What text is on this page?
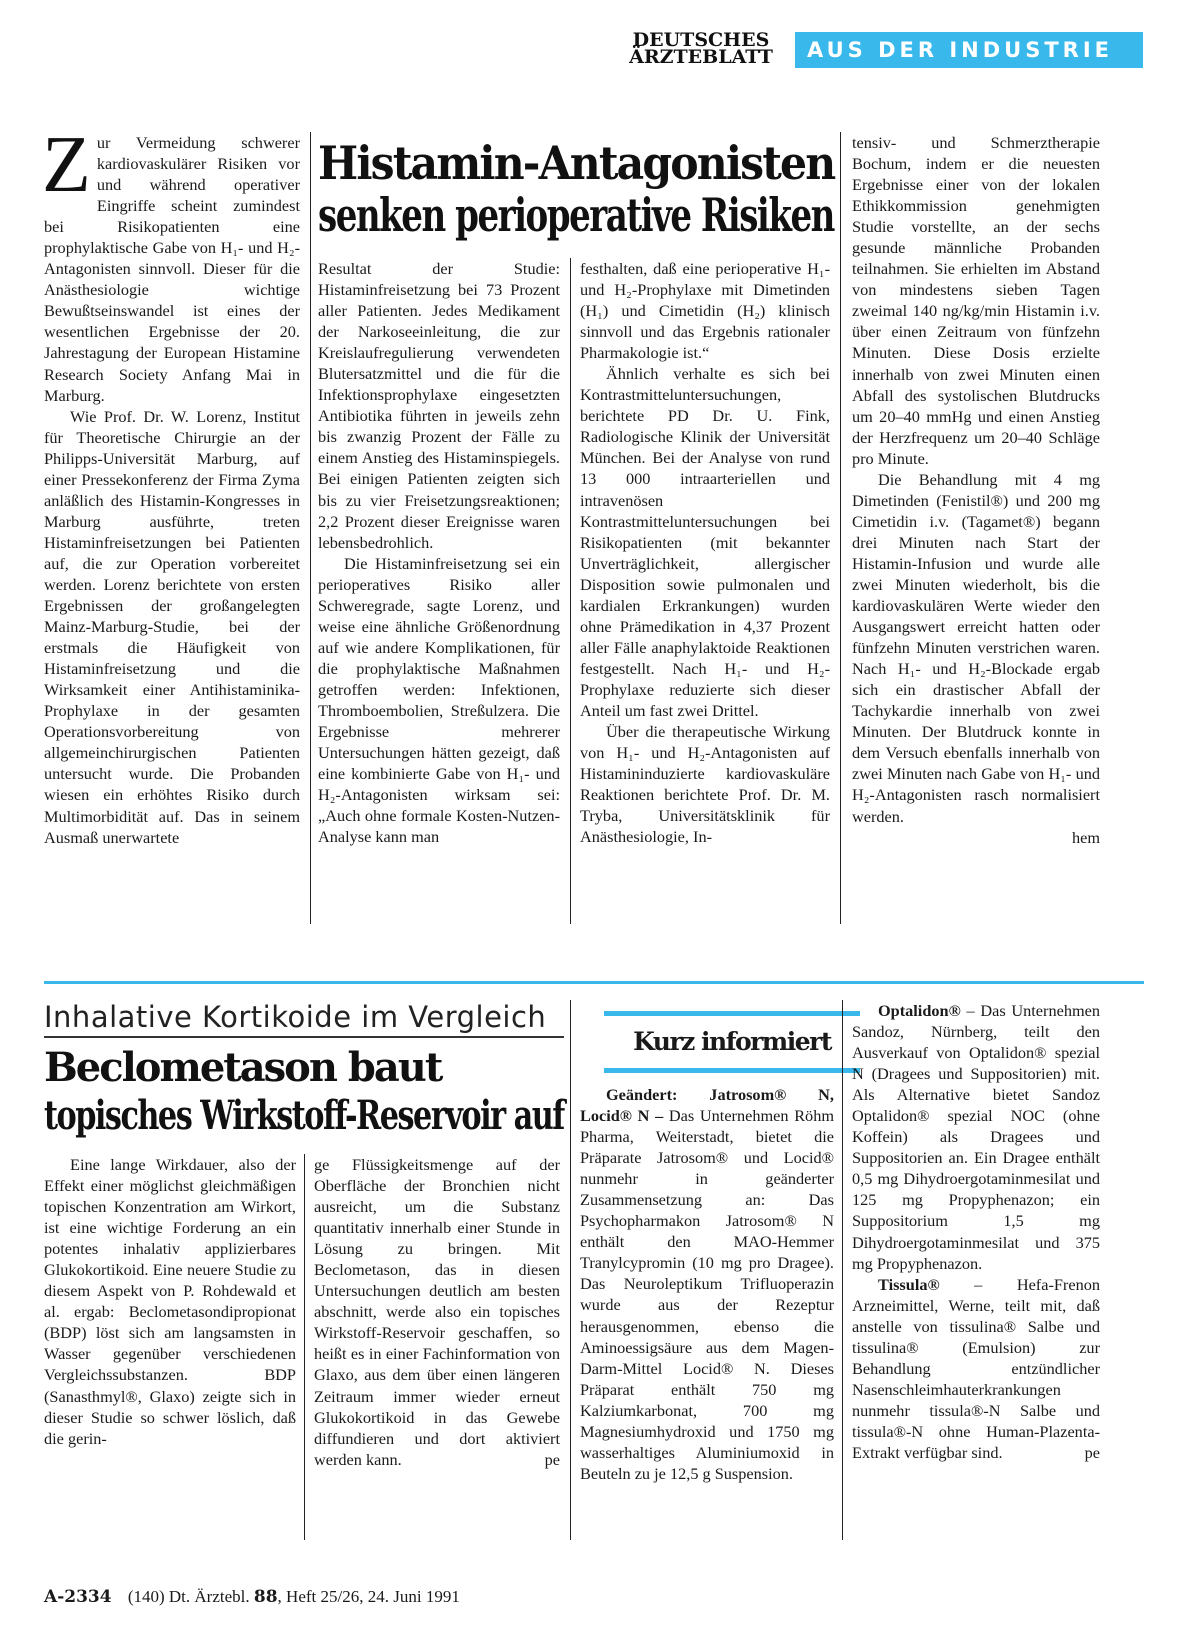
DEUTSCHES
ÄRZTEBLATT	AUS DER INDUSTRIE
Z ur Vermeidung schwerer kardiovaskulärer Risiken vor und während operativer Eingriffe scheint zumindest bei Risikopatienten eine prophylaktische Gabe von H₁- und H₂-Antagonisten sinnvoll. Dieser für die Anästhesiologie wichtige Bewußtseinswandel ist eines der wesentlichen Ergebnisse der 20. Jahrestagung der European Histamine Research Society Anfang Mai in Marburg.

Wie Prof. Dr. W. Lorenz, Institut für Theoretische Chirurgie an der Philipps-Universität Marburg, auf einer Pressekonferenz der Firma Zyma anläßlich des Histamin-Kongresses in Marburg ausführte, treten Histaminfreisetzungen bei Patienten auf, die zur Operation vorbereitet werden. Lorenz berichtete von ersten Ergebnissen der großangelegten Mainz-Marburg-Studie, bei der erstmals die Häufigkeit von Histaminfreisetzung und die Wirksamkeit einer Antihistaminika-Prophylaxe in der gesamten Operationsvorbereitung von allgemeinchirurgischen Patienten untersucht wurde. Die Probanden wiesen ein erhöhtes Risiko durch Multimorbidität auf. Das in seinem Ausmaß unerwartete

Histamin-Antagonisten
senken perioperative Risiken

Resultat der Studie: Histaminfreisetzung bei 73 Prozent aller Patienten. Jedes Medikament der Narkoseeinleitung, die zur Kreislaufregulierung verwendeten Blutersatzmittel und die für die Infektionsprophylaxe eingesetzten Antibiotika führten in jeweils zehn bis zwanzig Prozent der Fälle zu einem Anstieg des Histaminspiegels. Bei einigen Patienten zeigten sich bis zu vier Freisetzungsreaktionen; 2,2 Prozent dieser Ereignisse waren lebensbedrohlich.

Die Histaminfreisetzung sei ein perioperatives Risiko aller Schweregrade, sagte Lorenz, und weise eine ähnliche Größenordnung auf wie andere Komplikationen, für die prophylaktische Maßnahmen getroffen werden: Infektionen, Thromboembolien, Streßulzera. Die Ergebnisse mehrerer Untersuchungen hätten gezeigt, daß eine kombinierte Gabe von H₁- und H₂-Antagonisten wirksam sei: „Auch ohne formale Kosten-Nutzen-Analyse kann man

festhalten, daß eine perioperative H₁- und H₂-Prophylaxe mit Dimetinden (H₁) und Cimetidin (H₂) klinisch sinnvoll und das Ergebnis rationaler Pharmakologie ist.“

Ähnlich verhalte es sich bei Kontrastmitteluntersuchungen, berichtete PD Dr. U. Fink, Radiologische Klinik der Universität München. Bei der Analyse von rund 13 000 intraarteriellen und intravenösen Kontrastmitteluntersuchungen bei Risikopatienten (mit bekannter Unverträglichkeit, allergischer Disposition sowie pulmonalen und kardialen Erkrankungen) wurden ohne Prämedikation in 4,37 Prozent aller Fälle anaphylaktoide Reaktionen festgestellt. Nach H₁- und H₂-Prophylaxe reduzierte sich dieser Anteil um fast zwei Drittel.

Über die therapeutische Wirkung von H₁- und H₂-Antagonisten auf Histamininduzierte kardiovaskuläre Reaktionen berichtete Prof. Dr. M. Tryba, Universitätsklinik für Anästhesiologie, In-

tensiv- und Schmerztherapie Bochum, indem er die neuesten Ergebnisse einer von der lokalen Ethikkommission genehmigten Studie vorstellte, an der sechs gesunde männliche Probanden teilnahmen. Sie erhielten im Abstand von mindestens sieben Tagen zweimal 140 ng/kg/min Histamin i.v. über einen Zeitraum von fünfzehn Minuten. Diese Dosis erzielte innerhalb von zwei Minuten einen Abfall des systolischen Blutdrucks um 20–40 mmHg und einen Anstieg der Herzfrequenz um 20–40 Schläge pro Minute.

Die Behandlung mit 4 mg Dimetinden (Fenistil®) und 200 mg Cimetidin i.v. (Tagamet®) begann drei Minuten nach Start der Histamin-Infusion und wurde alle zwei Minuten wiederholt, bis die kardiovaskulären Werte wieder den Ausgangswert erreicht hatten oder fünfzehn Minuten verstrichen waren. Nach H₁- und H₂-Blockade ergab sich ein drastischer Abfall der Tachykardie innerhalb von zwei Minuten. Der Blutdruck konnte in dem Versuch ebenfalls innerhalb von zwei Minuten nach Gabe von H₁- und H₂-Antagonisten rasch normalisiert werden.

hem

Inhalative Kortikoide im Vergleich
Beclometason baut
topisches Wirkstoff-Reservoir auf

Eine lange Wirkdauer, also der Effekt einer möglichst gleichmäßigen topischen Konzentration am Wirkort, ist eine wichtige Forderung an ein potentes inhalativ applizierbares Glukokortikoid. Eine neuere Studie zu diesem Aspekt von P. Rohdewald et al. ergab: Beclometasondipropionat (BDP) löst sich am langsamsten in Wasser gegenüber verschiedenen Vergleichssubstanzen. BDP (Sanasthmyl®, Glaxo) zeigte sich in dieser Studie so schwer löslich, daß die gerin-

ge Flüssigkeitsmenge auf der Oberfläche der Bronchien nicht ausreicht, um die Substanz quantitativ innerhalb einer Stunde in Lösung zu bringen. Mit Beclometason, das in diesen Untersuchungen deutlich am besten abschnitt, werde also ein topisches Wirkstoff-Reservoir geschaffen, so heißt es in einer Fachinformation von Glaxo, aus dem über einen längeren Zeitraum immer wieder erneut Glukokortikoid in das Gewebe diffundieren und dort aktiviert werden kann.	pe

Kurz informiert

Geändert: Jatrosom® N, Locid® N – Das Unternehmen Röhm Pharma, Weiterstadt, bietet die Präparate Jatrosom® und Locid® nunmehr in geänderter Zusammensetzung an: Das Psychopharmakon Jatrosom® N enthält den MAO-Hemmer Tranylcypromin (10 mg pro Dragee). Das Neuroleptikum Trifluoperazin wurde aus der Rezeptur herausgenommen, ebenso die Aminoessigsäure aus dem Magen-Darm-Mittel Locid® N. Dieses Präparat enthält 750 mg Kalziumkarbonat, 700 mg Magnesiumhydroxid und 1750 mg wasserhaltiges Aluminiumoxid in Beuteln zu je 12,5 g Suspension.

Optalidon® – Das Unternehmen Sandoz, Nürnberg, teilt den Ausverkauf von Optalidon® spezial N (Dragees und Suppositorien) mit. Als Alternative bietet Sandoz Optalidon® spezial NOC (ohne Koffein) als Dragees und Suppositorien an. Ein Dragee enthält 0,5 mg Dihydroergotaminmesilat und 125 mg Propyphenazon; ein Suppositorium 1,5 mg Dihydroergotaminmesilat und 375 mg Propyphenazon.

Tissula® – Hefa-Frenon Arzneimittel, Werne, teilt mit, daß anstelle von tissulina® Salbe und tissulina® (Emulsion) zur Behandlung entzündlicher Nasenschleimhauterkrankungen nunmehr tissula®-N Salbe und tissula®-N ohne Human-Plazenta-Extrakt verfügbar sind.	pe

A-2334 (140) Dt. Ärztebl. 88, Heft 25/26, 24. Juni 1991
